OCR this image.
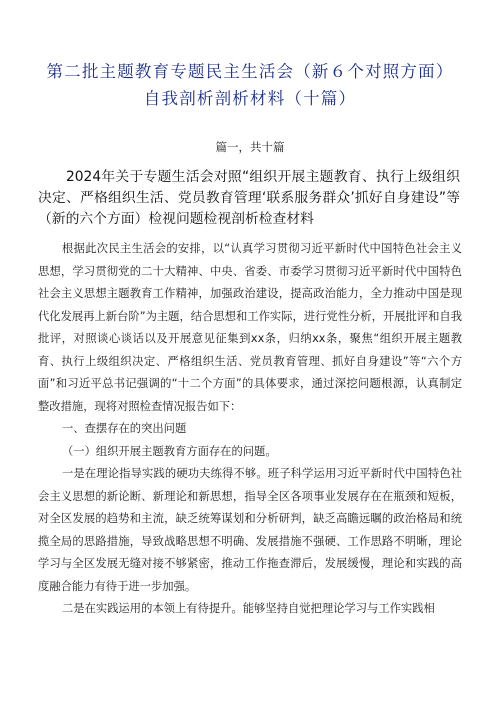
第二批主题教育专题民主生活会（新６个对照方面）自我剖析剖析材料（十篇）
篇一，共十篇
2024年关于专题生活会对照“组织开展主题教育、执行上级组织决定、严格组织生活、党员教育管理‘联系服务群众’抓好自身建设”等（新的六个方面）检视问题检视剖析检查材料

根据此次民主生活会的安排，以“认真学习贯彻习近平新时代中国特色社会主义思想，学习贯彻党的二十大精神、中央、省委、市委学习贯彻习近平新时代中国特色社会主义思想主题教育工作精神，加强政治建设，提高政治能力，全力推动中国是现代化发展再上新台阶”为主题，结合思想和工作实际，进行党性分析，开展批评和自我批评，对照谈心谈话以及开展意见征集到xx条，归纳xx条，聚焦“组织开展主题教育、执行上级组织决定、严格组织生活、党员教育管理、抓好自身建设”等“六个方面”和习近平总书记强调的“十二个方面”的具体要求，通过深挖问题根源，认真制定整改措施，现将对照检查情况报告如下：

一、查摆存在的突出问题

（一）组织开展主题教育方面存在的问题。

一是在理论指导实践的硬功夫练得不够。班子科学运用习近平新时代中国特色社会主义思想的新论断、新理论和新思想，指导全区各项事业发展存在在瓶颈和短板，对全区发展的趋势和主流，缺乏统筹谋划和分析研判，缺乏高瞻远瞩的政治格局和统揽全局的思路措施，导致战略思想不明确、发展措施不强硬、工作思路不明晰，理论学习与全区发展无缝对接不够紧密，推动工作拖查滞后，发展缓慢，理论和实践的高度融合能力有待于进一步加强。

二是在实践运用的本领上有待提升。能够坚持自觉把理论学习与工作实践相
